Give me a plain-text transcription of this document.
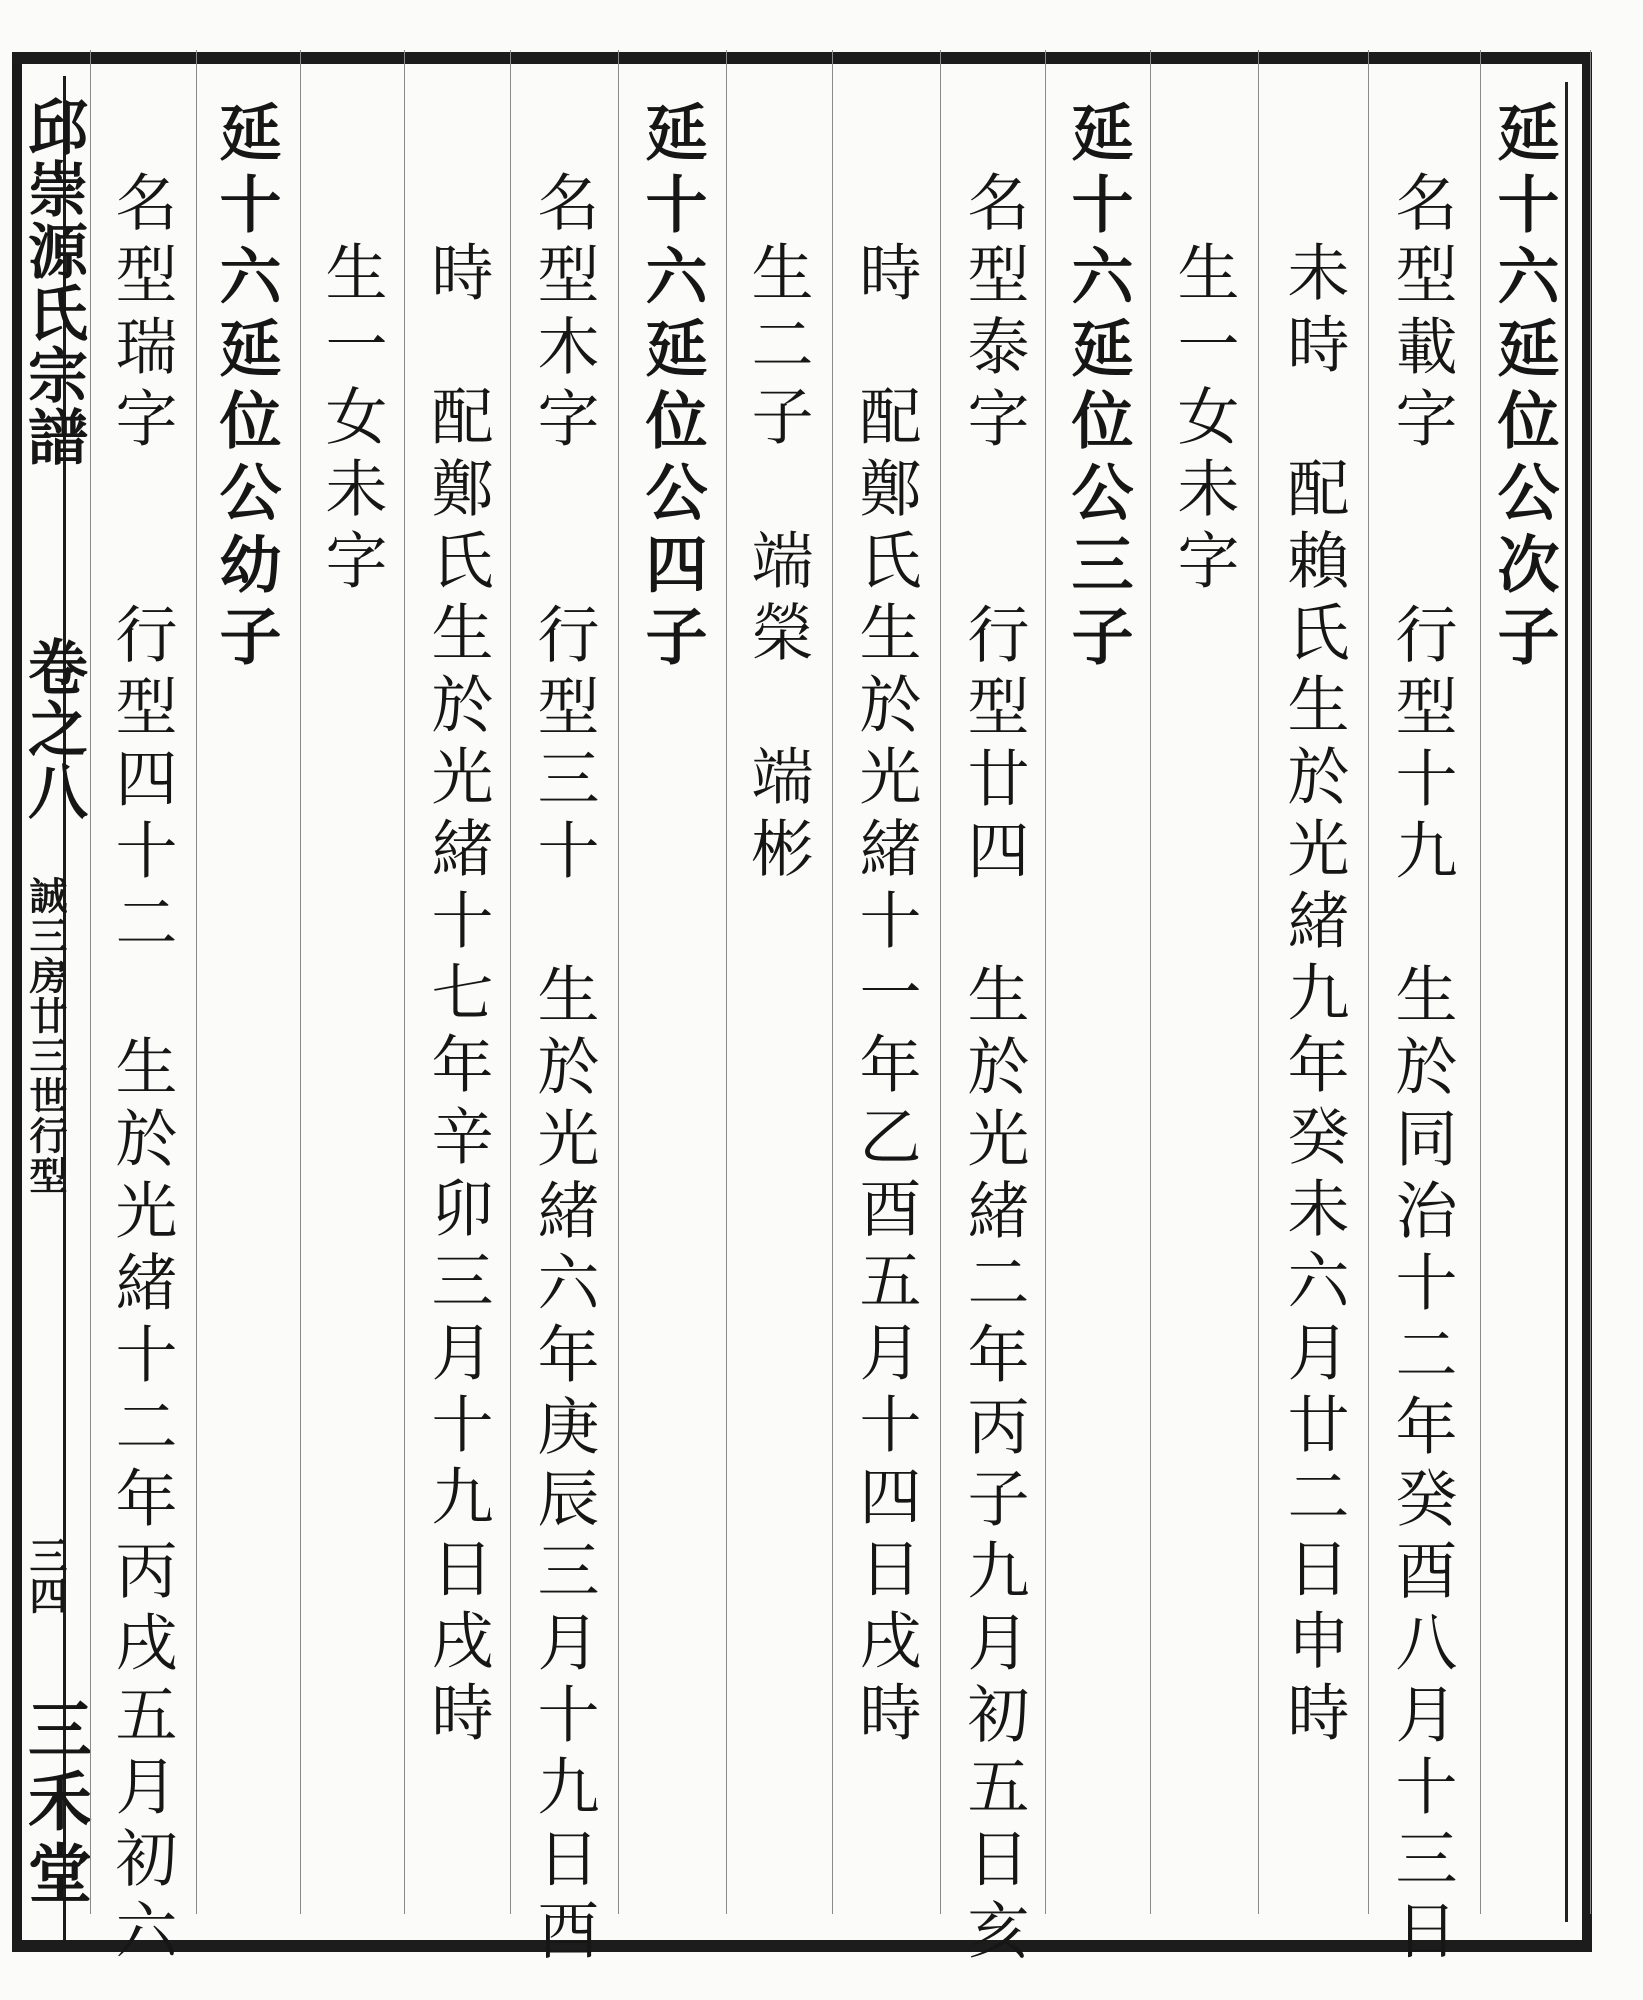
邱崇源氏宗譜
卷之八
誠三房廿三世行型
三四
三禾堂
延十六延位公次子
名型載字　　行型十九　生於同治十二年癸酉八月十三日
未時　配賴氏生於光緒九年癸未六月廿二日申時
生一女未字
延十六延位公三子
名型泰字　　行型廿四　生於光緒二年丙子九月初五日亥
時　配鄭氏生於光緒十一年乙酉五月十四日戌時
生二子　端榮　端彬
延十六延位公四子
名型木字　　行型三十　生於光緒六年庚辰三月十九日酉
時　配鄭氏生於光緒十七年辛卯三月十九日戌時
生一女未字
延十六延位公幼子
名型瑞字　　行型四十二　生於光緒十二年丙戌五月初六
